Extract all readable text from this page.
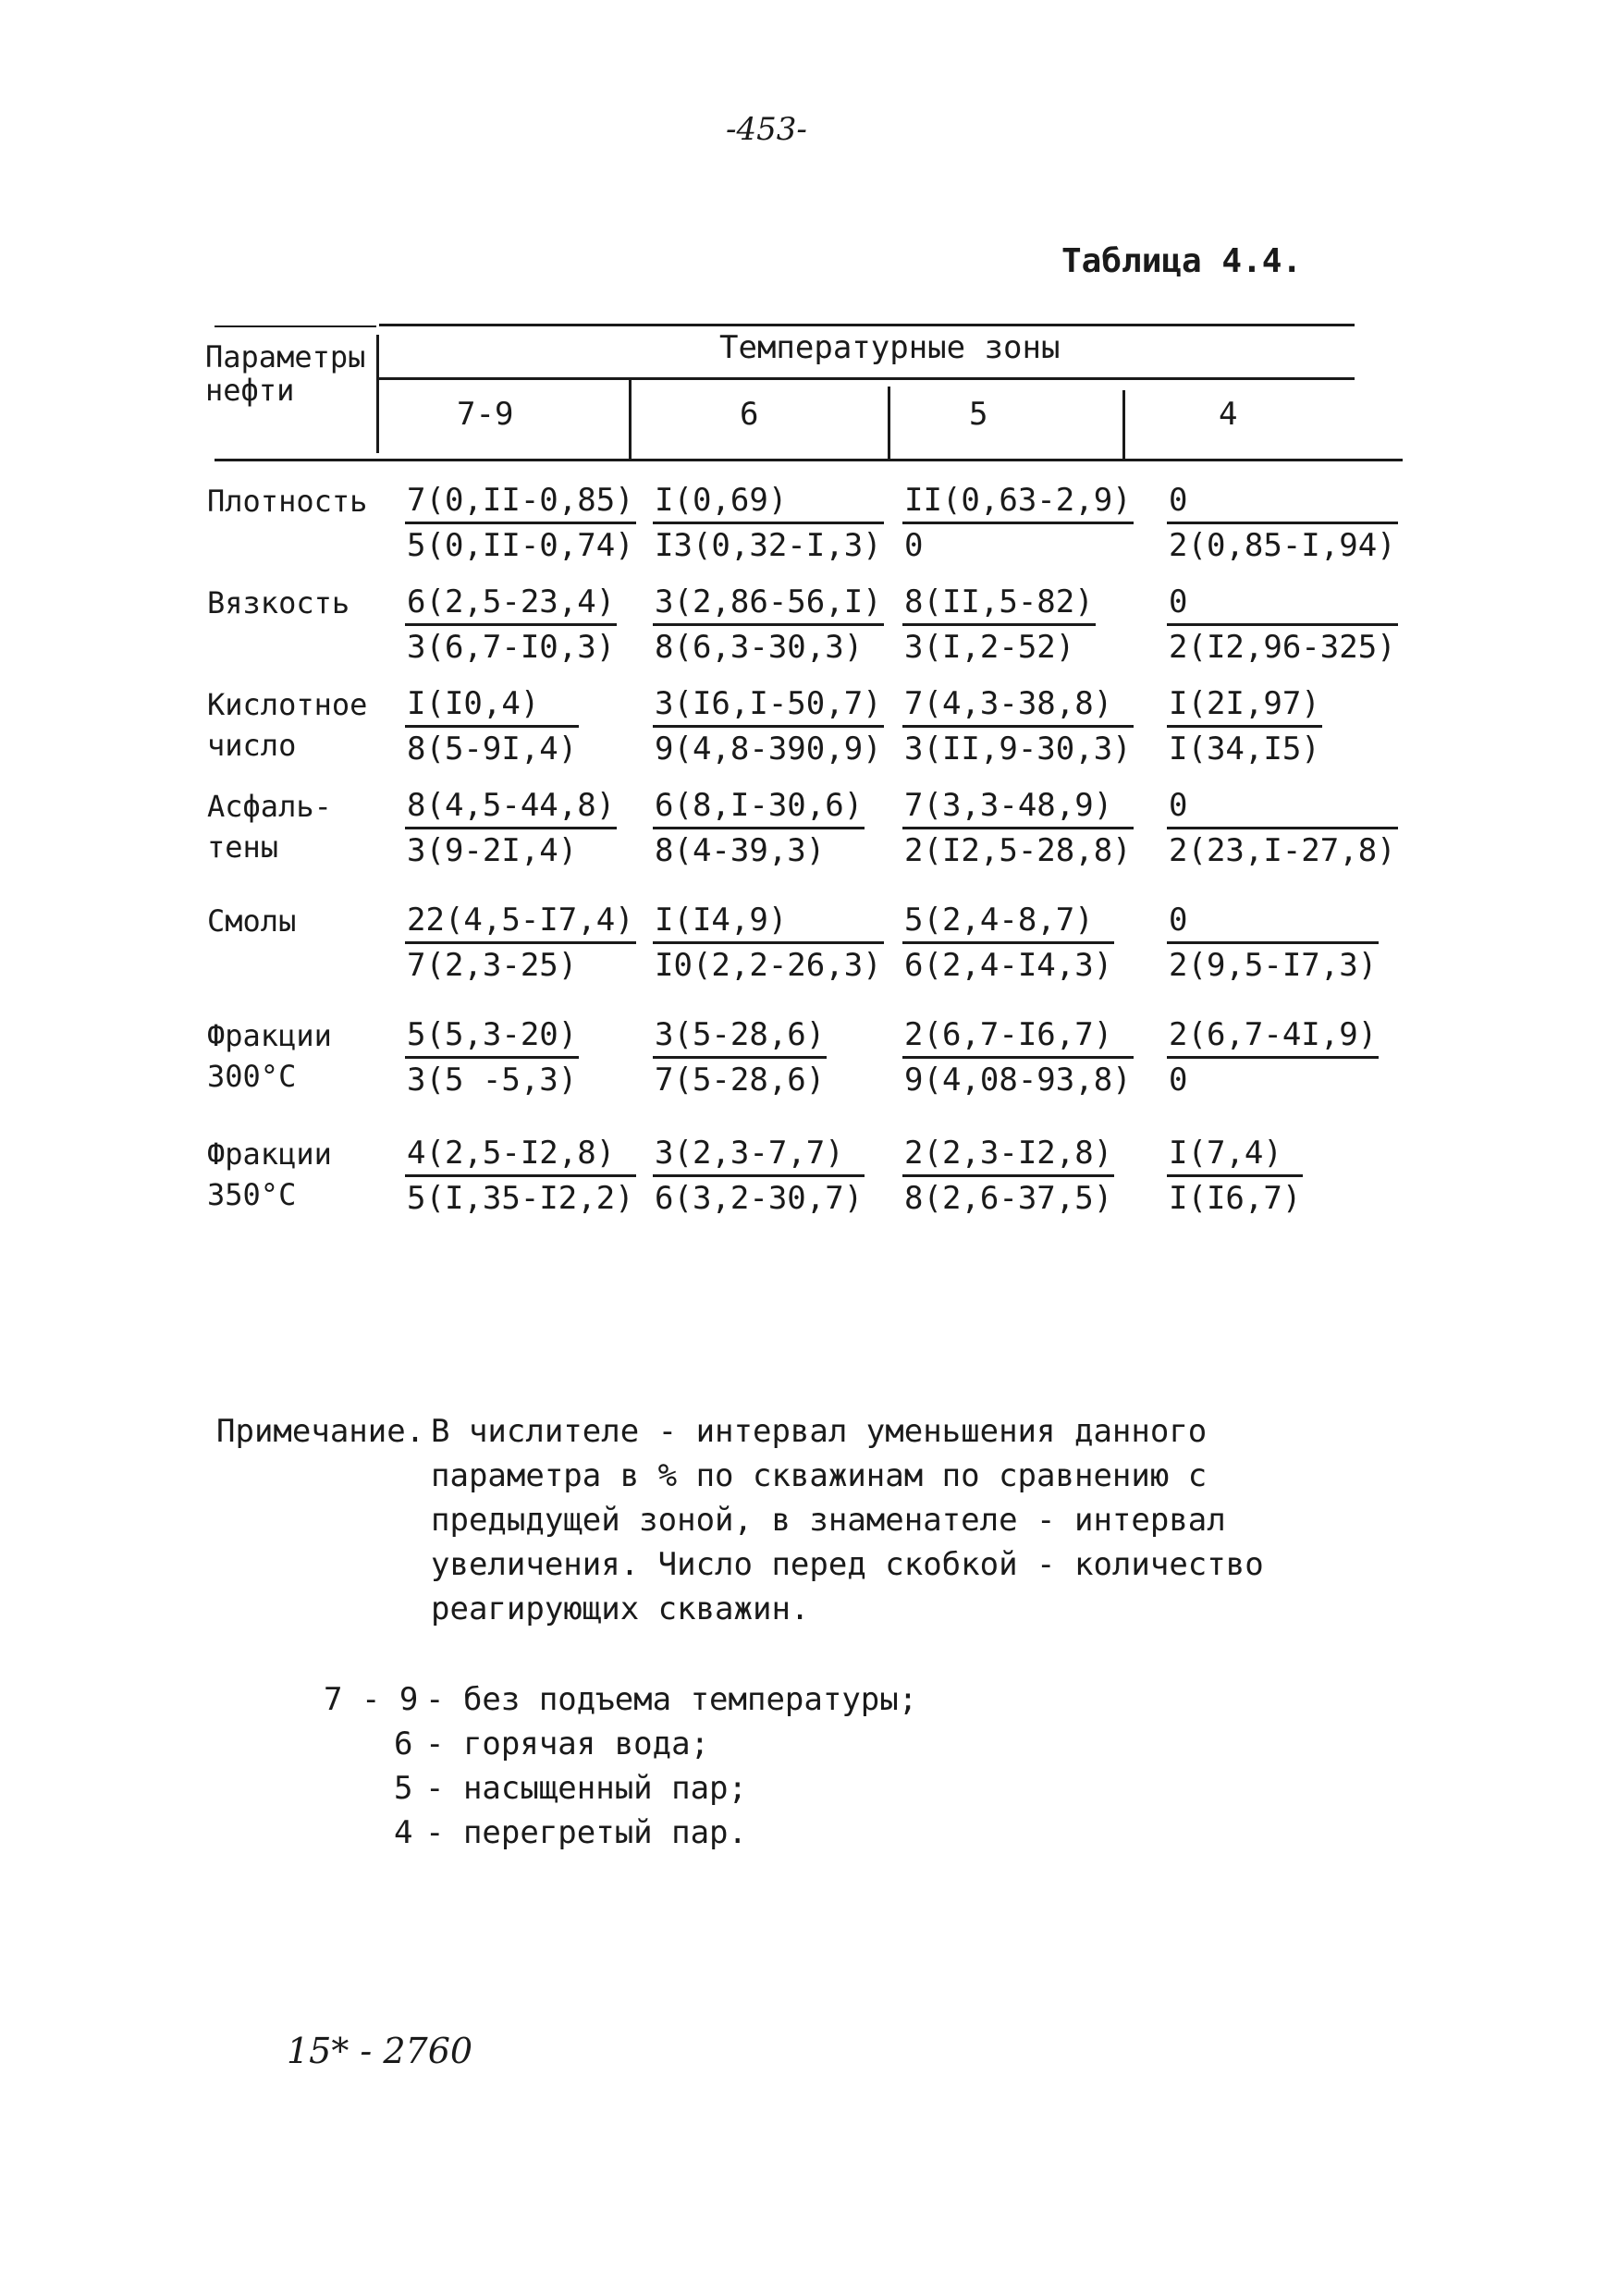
-453-
Таблица 4.4.
Параметры
нефти
Температурные зоны
7-9	6	5	4
Плотность $\frac{7(0,II-0,85)}{5(0,II-0,74)} \frac{I(0,69)}{I3(0,32-I,3)} \frac{II(0,63-2,9)}{0} \frac{0}{2(0,85-I,94)}$
Вязкость $\frac{6(2,5-23,4)}{3(6,7-I0,3)} \frac{3(2,86-56,I)}{8(6,3-30,3)} \frac{8(II,5-82)}{3(I,2-52)} \frac{0}{2(I2,96-325)}$
Кислотное
число	$\frac{I(I0,4)}{8(5-9I,4)} \frac{3(I6,I-50,7)}{9(4,8-390,9)} \frac{7(4,3-38,8)}{3(II,9-30,3)} \frac{I(2I,97)}{I(34,I5)}$
Асфаль-
тены	$\frac{8(4,5-44,8)}{3(9-2I,4)} \frac{6(8,I-30,6)}{8(4-39,3)} \frac{7(3,3-48,9)}{2(I2,5-28,8)} \frac{0}{2(23,I-27,8)}$
Смолы	$\frac{22(4,5-I7,4)}{7(2,3-25)} \frac{I(I4,9)}{I0(2,2-26,3)} \frac{5(2,4-8,7)}{6(2,4-I4,3)} \frac{0}{2(9,5-I7,3)}$
Фракции
300°С	$\frac{5(5,3-20)}{3(5 -5,3)} \frac{3(5-28,6)}{7(5-28,6)} \frac{2(6,7-I6,7)}{9(4,08-93,8)} \frac{2(6,7-4I,9)}{0}$
Фракции
350°С	$\frac{4(2,5-I2,8)}{5(I,35-I2,2)} \frac{3(2,3-7,7)}{6(3,2-30,7)} \frac{2(2,3-I2,8)}{8(2,6-37,5)} \frac{I(7,4)}{I(I6,7)}$
Примечание. В числителе - интервал уменьшения данного
параметра в % по скважинам по сравнению с
предыдущей зоной, в знаменателе - интервал
увеличения. Число перед скобкой - количество
реагирующих скважин.
7 - 9 - без подъема температуры;
6 - горячая вода;
5 - насыщенный пар;
4 - перегретый пар.
15* - 2760
